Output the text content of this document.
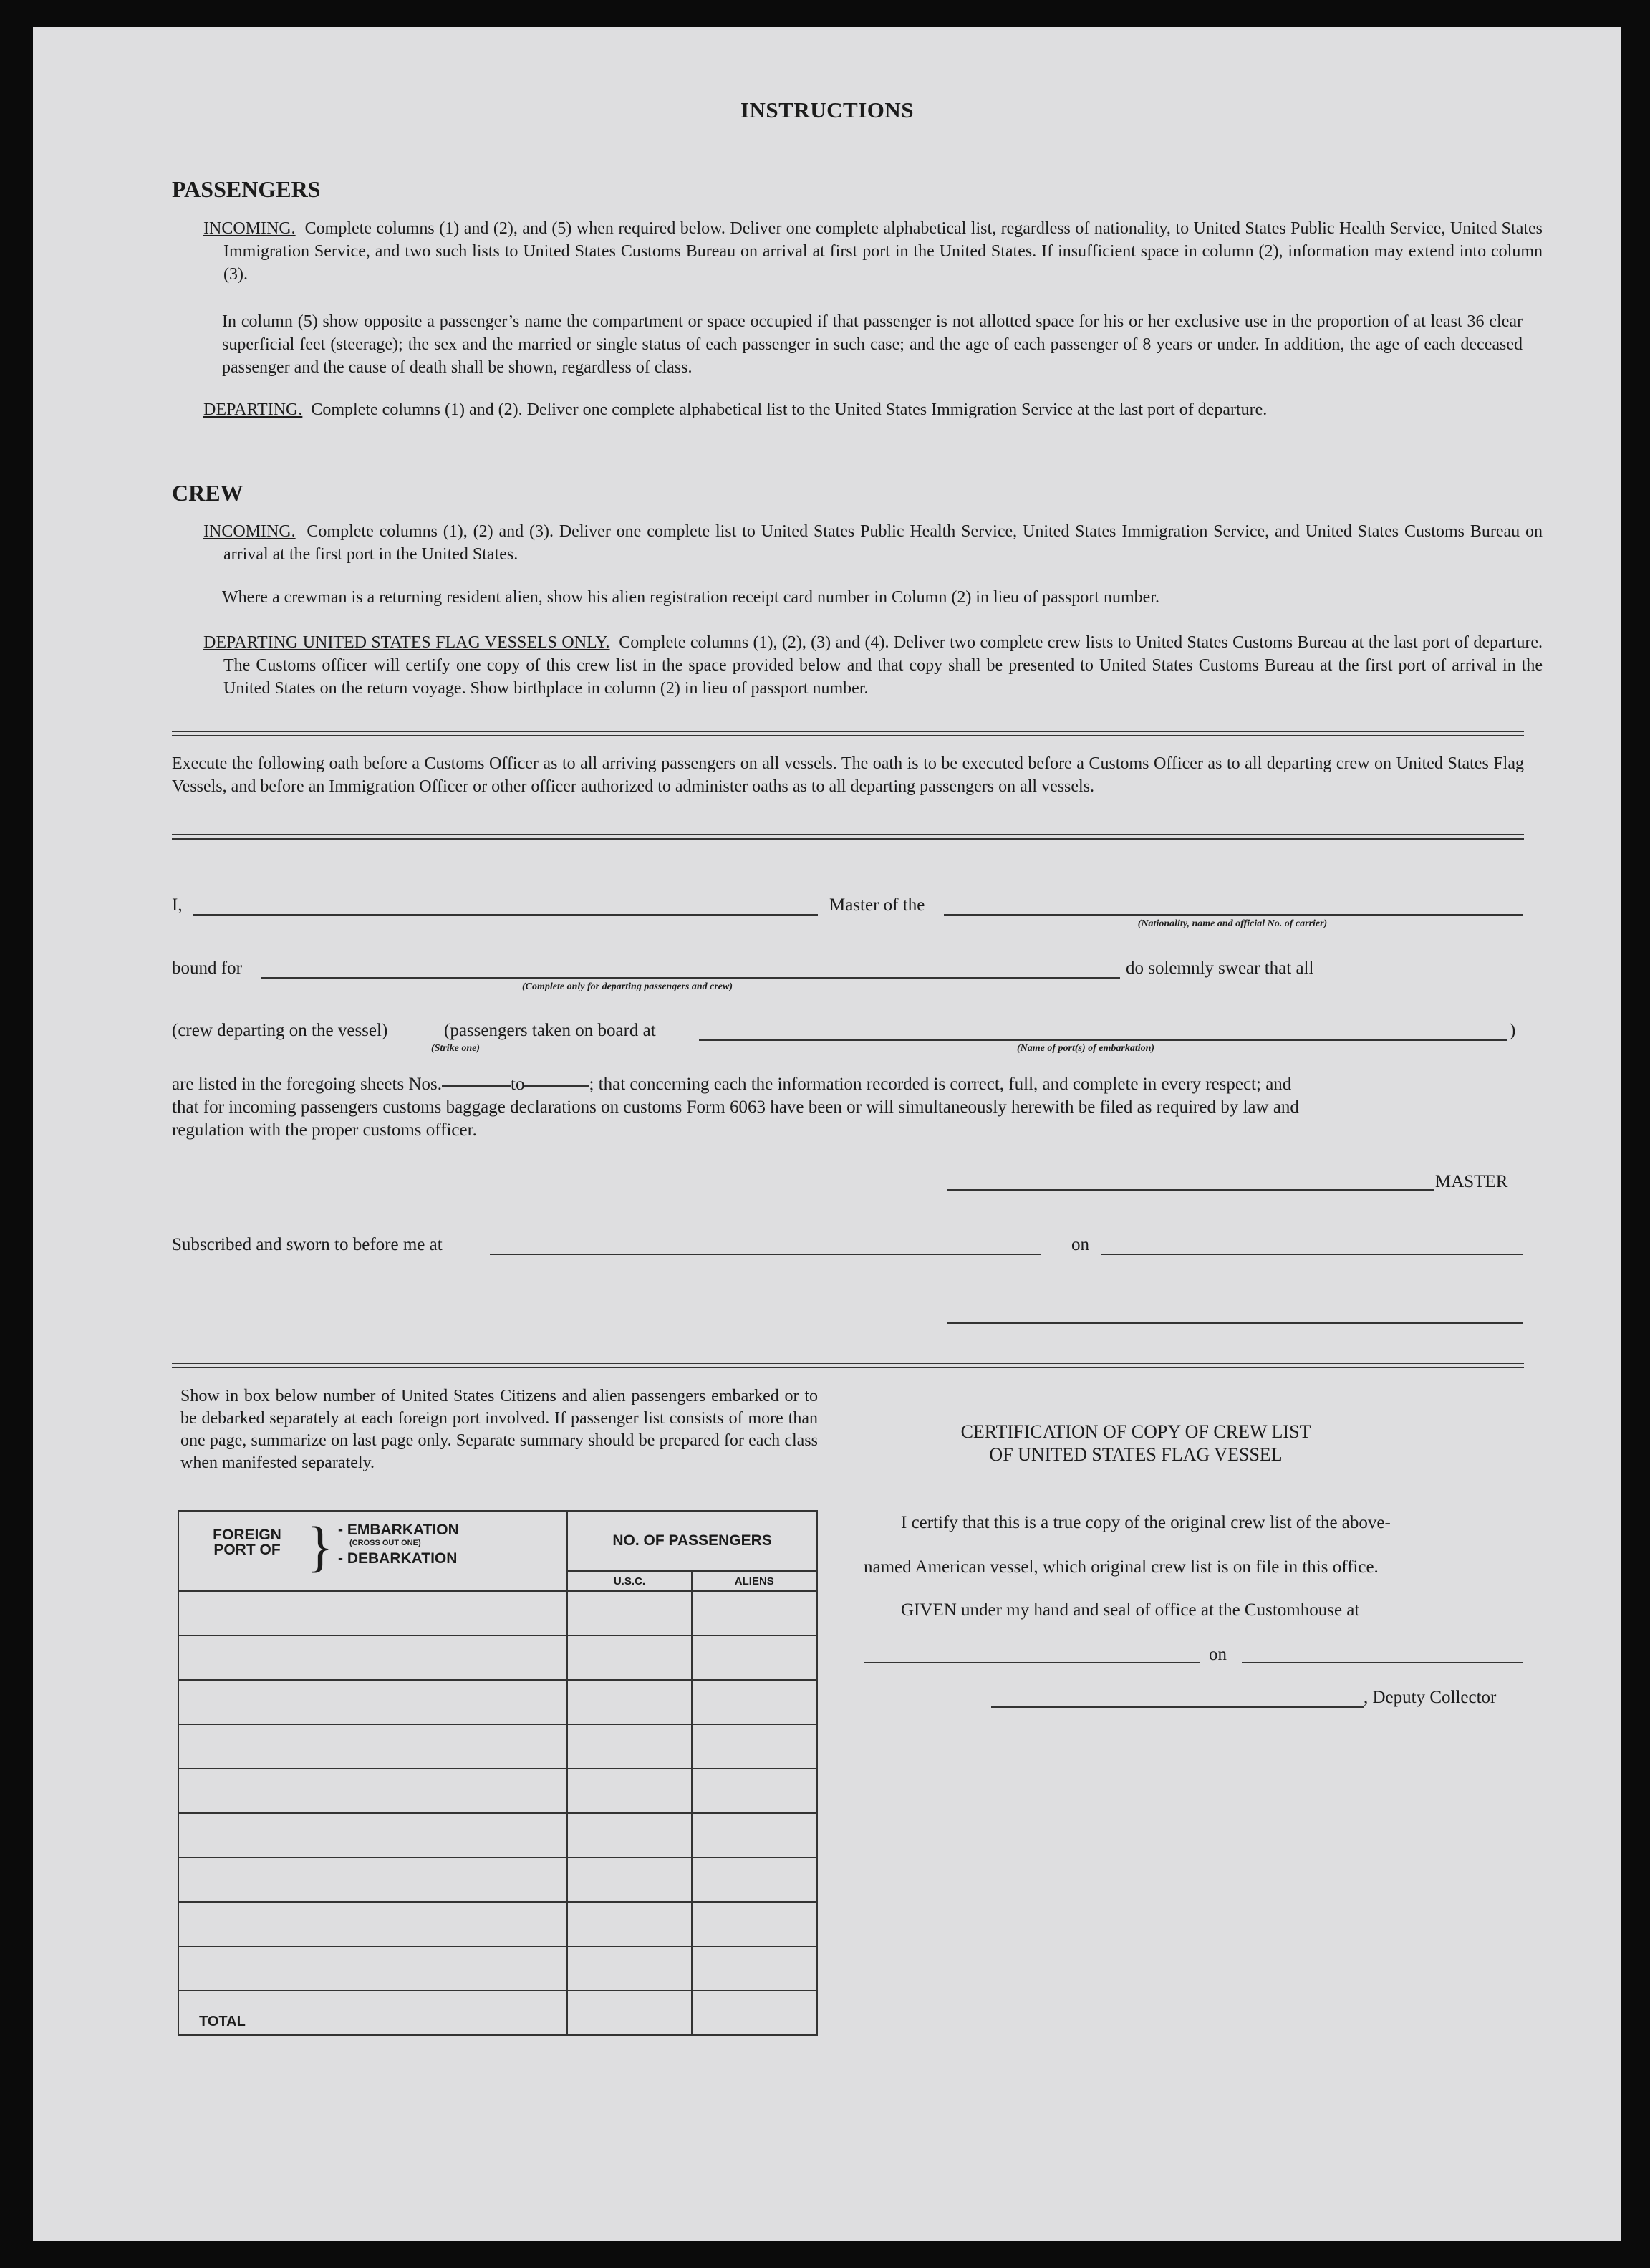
INSTRUCTIONS
PASSENGERS
INCOMING. Complete columns (1) and (2), and (5) when required below. Deliver one complete alphabetical list, regardless of nationality, to United States Public Health Service, United States Immigration Service, and two such lists to United States Customs Bureau on arrival at first port in the United States. If insufficient space in column (2), information may extend into column (3).
In column (5) show opposite a passenger’s name the compartment or space occupied if that passenger is not allotted space for his or her exclusive use in the proportion of at least 36 clear superficial feet (steerage); the sex and the married or single status of each passenger in such case; and the age of each passenger of 8 years or under. In addition, the age of each deceased passenger and the cause of death shall be shown, regardless of class.
DEPARTING. Complete columns (1) and (2). Deliver one complete alphabetical list to the United States Immigration Service at the last port of departure.
CREW
INCOMING. Complete columns (1), (2) and (3). Deliver one complete list to United States Public Health Service, United States Immigration Service, and United States Customs Bureau on arrival at the first port in the United States.
Where a crewman is a returning resident alien, show his alien registration receipt card number in Column (2) in lieu of passport number.
DEPARTING UNITED STATES FLAG VESSELS ONLY. Complete columns (1), (2), (3) and (4). Deliver two complete crew lists to United States Customs Bureau at the last port of departure. The Customs officer will certify one copy of this crew list in the space provided below and that copy shall be presented to United States Customs Bureau at the first port of arrival in the United States on the return voyage. Show birthplace in column (2) in lieu of passport number.
Execute the following oath before a Customs Officer as to all arriving passengers on all vessels. The oath is to be executed before a Customs Officer as to all departing crew on United States Flag Vessels, and before an Immigration Officer or other officer authorized to administer oaths as to all departing passengers on all vessels.
I,	Master of the
(Nationality, name and official No. of carrier)
bound for
(Complete only for departing passengers and crew)
do solemnly swear that all
(crew departing on the vessel)	(passengers taken on board at	)
(Strike one)	(Name of port(s) of embarkation)
are listed in the foregoing sheets Nos.	to	; that concerning each the information recorded is correct, full, and complete in every respect; and
that for incoming passengers customs baggage declarations on customs Form 6063 have been or will simultaneously herewith be filed as required by law and
regulation with the proper customs officer.
MASTER
Subscribed and sworn to before me at	on
Show in box below number of United States Citizens and alien passengers embarked or to be debarked separately at each foreign port involved. If passenger list consists of more than one page, summarize on last page only. Separate summary should be prepared for each class when manifested separately.
FOREIGN PORT OF } - EMBARKATION
(CROSS OUT ONE)
- DEBARKATION	NO. OF PASSENGERS	
	U.S.C.	ALIENS

TOTAL		
CERTIFICATION OF COPY OF CREW LIST
OF UNITED STATES FLAG VESSEL
I certify that this is a true copy of the original crew list of the above-
named American vessel, which original crew list is on file in this office.
GIVEN under my hand and seal of office at the Customhouse at
on
, Deputy Collector
